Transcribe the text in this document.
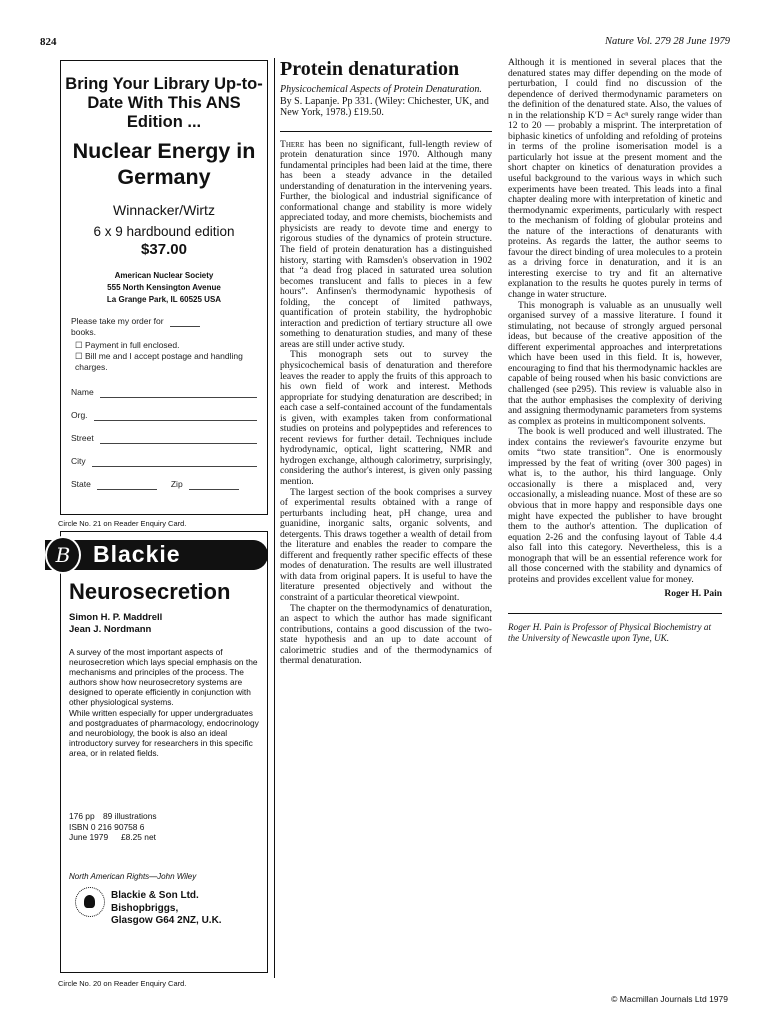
824	Nature Vol. 279 28 June 1979
Bring Your Library Up-to-Date With This ANS Edition ...
Nuclear Energy in Germany
Winnacker/Wirtz
6 x 9 hardbound edition
$37.00
American Nuclear Society
555 North Kensington Avenue
La Grange Park, IL 60525 USA
Please take my order for
books.
☐ Payment in full enclosed.
☐ Bill me and I accept postage and handling charges.
Name
Org.
Street
City
State	Zip
Circle No. 21 on Reader Enquiry Card.
B Blackie
Neurosecretion
Simon H. P. Maddrell
Jean J. Nordmann

A survey of the most important aspects of neurosecretion which lays special emphasis on the mechanisms and principles of the process. The authors show how neurosecretory systems are designed to operate efficiently in conjunction with other physiological systems.

While written especially for upper undergraduates and postgraduates of pharmacology, endocrinology and neurobiology, the book is also an ideal introductory survey for researchers in this specific area, or in related fields.

176 pp 89 illustrations
ISBN 0 216 90758 6
June 1979 £8.25 net
North American Rights—John Wiley
Blackie & Son Ltd.
Bishopbriggs,
Glasgow G64 2NZ, U.K.
Circle No. 20 on Reader Enquiry Card.
Protein denaturation
Physicochemical Aspects of Protein Denaturation. By S. Lapanje. Pp 331. (Wiley: Chichester, UK, and New York, 1978.) £19.50.

There has been no significant, full-length review of protein denaturation since 1970. Although many fundamental principles had been laid at the time, there has been a steady advance in the detailed understanding of denaturation in the intervening years. Further, the biological and industrial significance of conformational change and stability is more widely appreciated today, and more chemists, biochemists and physicists are ready to devote time and energy to rigorous studies of the dynamics of protein structure. The field of protein denaturation has a distinguished history, starting with Ramsden's observation in 1902 that “a dead frog placed in saturated urea solution becomes translucent and falls to pieces in a few hours”. Anfinsen's thermodynamic hypothesis of folding, the concept of limited pathways, quantification of protein stability, the hydrophobic interaction and prediction of tertiary structure all owe something to denaturation studies, and many of these areas are still under active study.

This monograph sets out to survey the physicochemical basis of denaturation and therefore leaves the reader to apply the fruits of this approach to his own field of work and interest. Methods appropriate for studying denaturation are described; in each case a self-contained account of the fundamentals is given, with examples taken from conformational studies on proteins and polypeptides and references to recent reviews for further detail. Techniques include hydrodynamic, optical, light scattering, NMR and hydrogen exchange, although calorimetry, surprisingly, considering the author's interest, is given only passing mention.

The largest section of the book comprises a survey of experimental results obtained with a range of perturbants including heat, pH change, urea and guanidine, inorganic salts, organic solvents, and detergents. This draws together a wealth of detail from the literature and enables the reader to compare the different and frequently rather specific effects of these modes of denaturation. The results are well illustrated with data from original papers. It is useful to have the literature presented objectively and without the constraint of a particular theoretical viewpoint.

The chapter on the thermodynamics of denaturation, an aspect to which the author has made significant contributions, contains a good discussion of the two-state hypothesis and an up to date account of calorimetric studies and of the thermodynamics of thermal denaturation.

Although it is mentioned in several places that the denatured states may differ depending on the mode of perturbation, I could find no discussion of the dependence of derived thermodynamic parameters on the definition of the denatured state. Also, the values of n in the relationship K′D = Acⁿ surely range wider than 12 to 20 — probably a misprint. The interpretation of biphasic kinetics of unfolding and refolding of proteins in terms of the proline isomerisation model is a particularly hot issue at the present moment and the short chapter on kinetics of denaturation provides a useful background to the various ways in which such experiments have been treated. This leads into a final chapter dealing more with interpretation of kinetic and thermodynamic experiments, particularly with respect to the mechanism of folding of globular proteins and the nature of the interactions of denaturants with proteins. As regards the latter, the author seems to favour the direct binding of urea molecules to a protein as a driving force in denaturation, and it is an interesting exercise to try and fit an alternative explanation to the results he quotes purely in terms of change in water structure.

This monograph is valuable as an unusually well organised survey of a massive literature. I found it stimulating, not because of strongly argued personal ideas, but because of the creative apposition of the different experimental approaches and interpretations which have been used in this field. It is, however, encouraging to find that his thermodynamic hackles are capable of being roused when his basic convictions are challenged (see p295). This review is valuable also in that the author emphasises the complexity of deriving and assigning thermodynamic parameters from systems as complex as proteins in multicomponent solvents.

The book is well produced and well illustrated. The index contains the reviewer's favourite enzyme but omits “two state transition”. One is enormously impressed by the feat of writing (over 300 pages) in what is, to the author, his third language. Only occasionally is there a misplaced and, very occasionally, a misleading nuance. Most of these are so obvious that in more happy and responsible days one might have expected the publisher to have brought them to the author's attention. The duplication of equation 2-26 and the confusing layout of Table 4.4 also fall into this category. Nevertheless, this is a monograph that will be an essential reference work for all those concerned with the stability and dynamics of proteins and provides excellent value for money.

Roger H. Pain
Roger H. Pain is Professor of Physical Biochemistry at the University of Newcastle upon Tyne, UK.
© Macmillan Journals Ltd 1979
